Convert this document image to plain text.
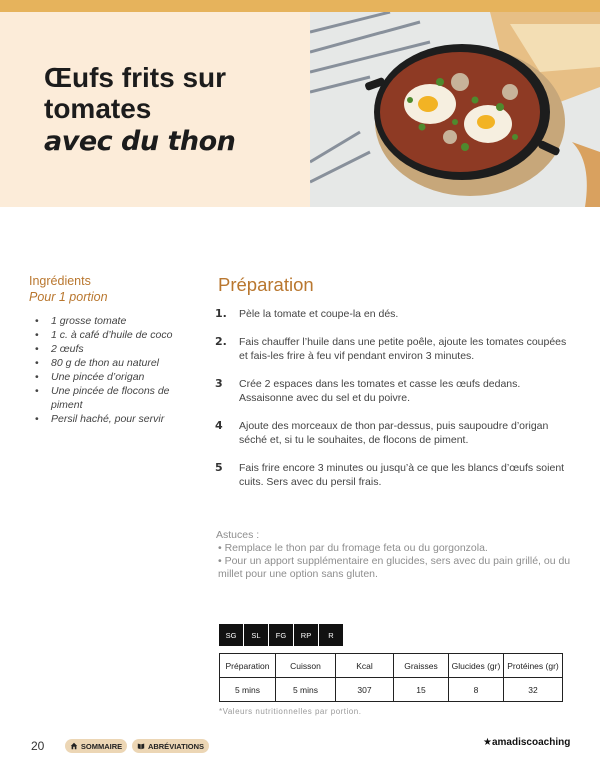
Œufs frits sur
tomates
avec du thon
Ingrédients
Pour 1 portion
• 1 grosse tomate
• 1 c. à café d’huile de coco
• 2 œufs
• 80 g de thon au naturel
• Une pincée d’origan
• Une pincée de flocons de piment
• Persil haché, pour servir
Préparation
1. Pèle la tomate et coupe-la en dés.

2. Fais chauffer l’huile dans une petite poêle, ajoute les tomates coupées et fais-les frire à feu vif pendant environ 3 minutes.

3	Crée 2 espaces dans les tomates et casse les œufs dedans. Assaisonne avec du sel et du poivre.

4	Ajoute des morceaux de thon par-dessus, puis saupoudre d’origan séché et, si tu le souhaites, de flocons de piment.

5	Fais frire encore 3 minutes ou jusqu’à ce que les blancs d’œufs soient cuits. Sers avec du persil frais.

Astuces :
• Remplace le thon par du fromage feta ou du gorgonzola.
• Pour un apport supplémentaire en glucides, sers avec du pain grillé, ou du millet pour une option sans gluten.
SG	SL	FG	RP	R
Préparation	Cuisson	Kcal	Graisses	Glucides (gr)	Protéines (gr)
5 mins	5 mins	307	15	8	32
*Valeurs nutritionnelles par portion.
20	SOMMAIRE	ABRÉVIATIONS	★amadiscoaching
